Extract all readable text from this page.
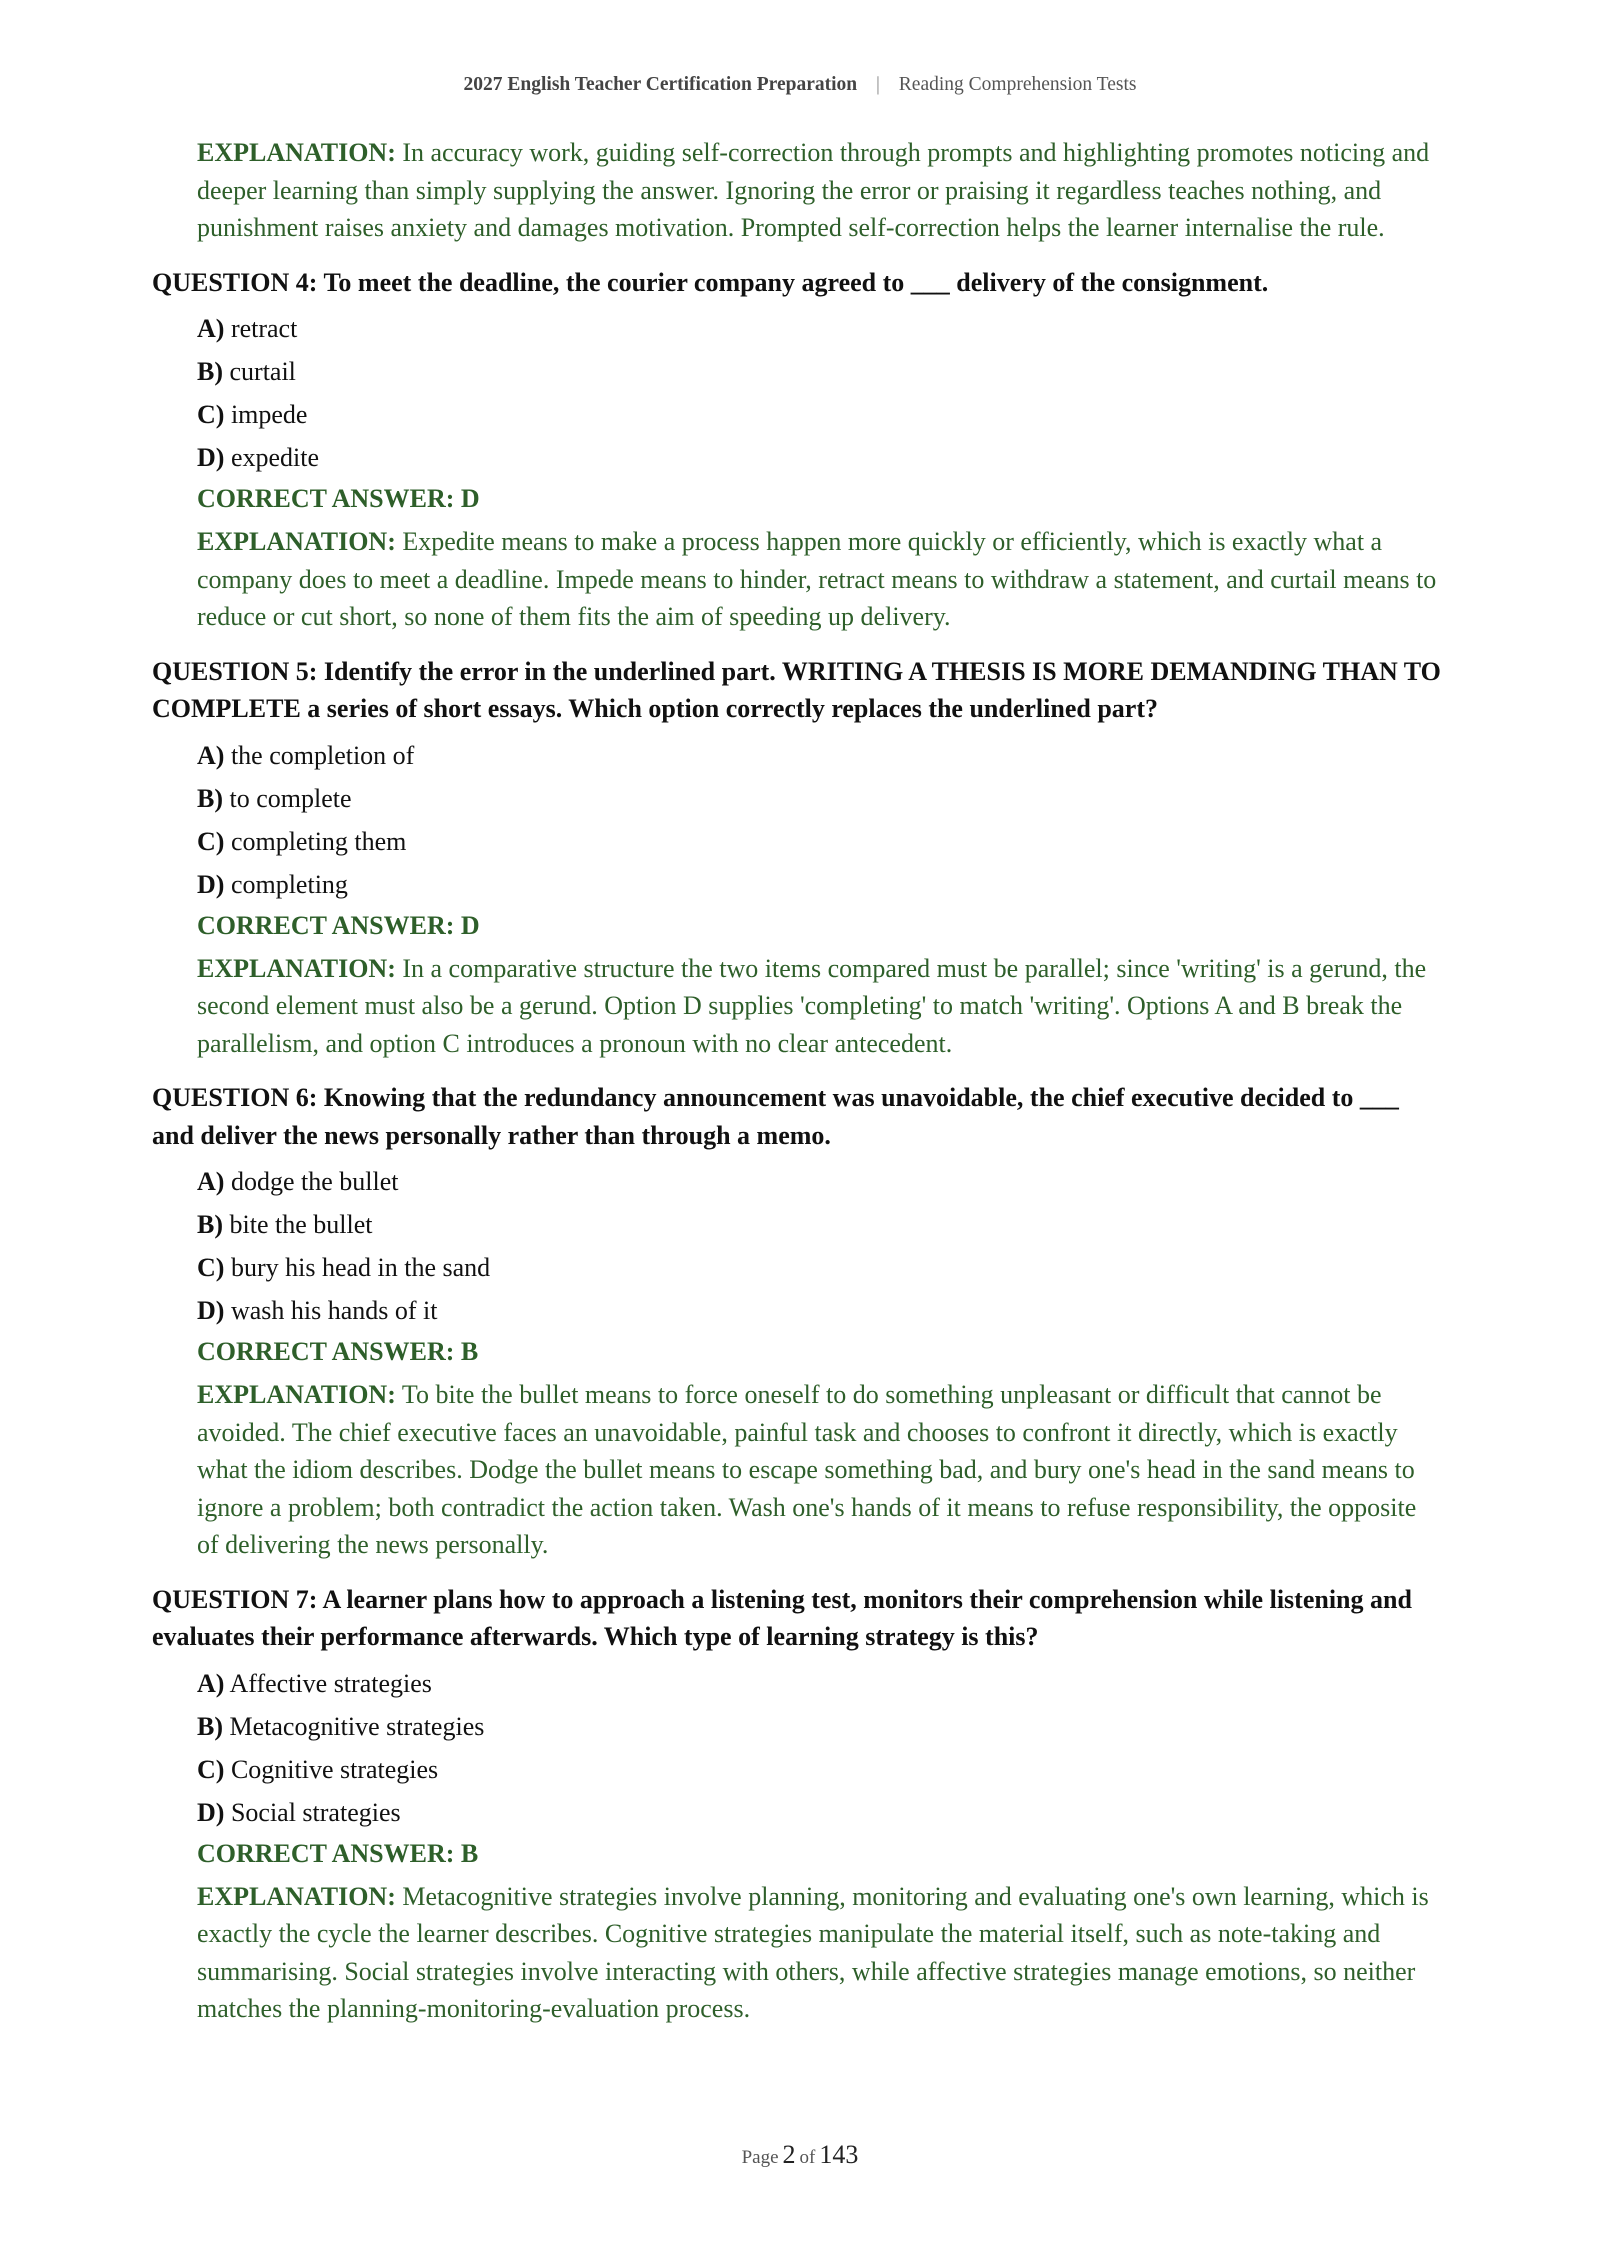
2027 English Teacher Certification Preparation | Reading Comprehension Tests
EXPLANATION: In accuracy work, guiding self-correction through prompts and highlighting promotes noticing and deeper learning than simply supplying the answer. Ignoring the error or praising it regardless teaches nothing, and punishment raises anxiety and damages motivation. Prompted self-correction helps the learner internalise the rule.
QUESTION 4: To meet the deadline, the courier company agreed to ___ delivery of the consignment.
A) retract
B) curtail
C) impede
D) expedite
CORRECT ANSWER: D
EXPLANATION: Expedite means to make a process happen more quickly or efficiently, which is exactly what a company does to meet a deadline. Impede means to hinder, retract means to withdraw a statement, and curtail means to reduce or cut short, so none of them fits the aim of speeding up delivery.
QUESTION 5: Identify the error in the underlined part. WRITING A THESIS IS MORE DEMANDING THAN TO COMPLETE a series of short essays. Which option correctly replaces the underlined part?
A) the completion of
B) to complete
C) completing them
D) completing
CORRECT ANSWER: D
EXPLANATION: In a comparative structure the two items compared must be parallel; since 'writing' is a gerund, the second element must also be a gerund. Option D supplies 'completing' to match 'writing'. Options A and B break the parallelism, and option C introduces a pronoun with no clear antecedent.
QUESTION 6: Knowing that the redundancy announcement was unavoidable, the chief executive decided to ___ and deliver the news personally rather than through a memo.
A) dodge the bullet
B) bite the bullet
C) bury his head in the sand
D) wash his hands of it
CORRECT ANSWER: B
EXPLANATION: To bite the bullet means to force oneself to do something unpleasant or difficult that cannot be avoided. The chief executive faces an unavoidable, painful task and chooses to confront it directly, which is exactly what the idiom describes. Dodge the bullet means to escape something bad, and bury one's head in the sand means to ignore a problem; both contradict the action taken. Wash one's hands of it means to refuse responsibility, the opposite of delivering the news personally.
QUESTION 7: A learner plans how to approach a listening test, monitors their comprehension while listening and evaluates their performance afterwards. Which type of learning strategy is this?
A) Affective strategies
B) Metacognitive strategies
C) Cognitive strategies
D) Social strategies
CORRECT ANSWER: B
EXPLANATION: Metacognitive strategies involve planning, monitoring and evaluating one's own learning, which is exactly the cycle the learner describes. Cognitive strategies manipulate the material itself, such as note-taking and summarising. Social strategies involve interacting with others, while affective strategies manage emotions, so neither matches the planning-monitoring-evaluation process.
Page 2 of 143
